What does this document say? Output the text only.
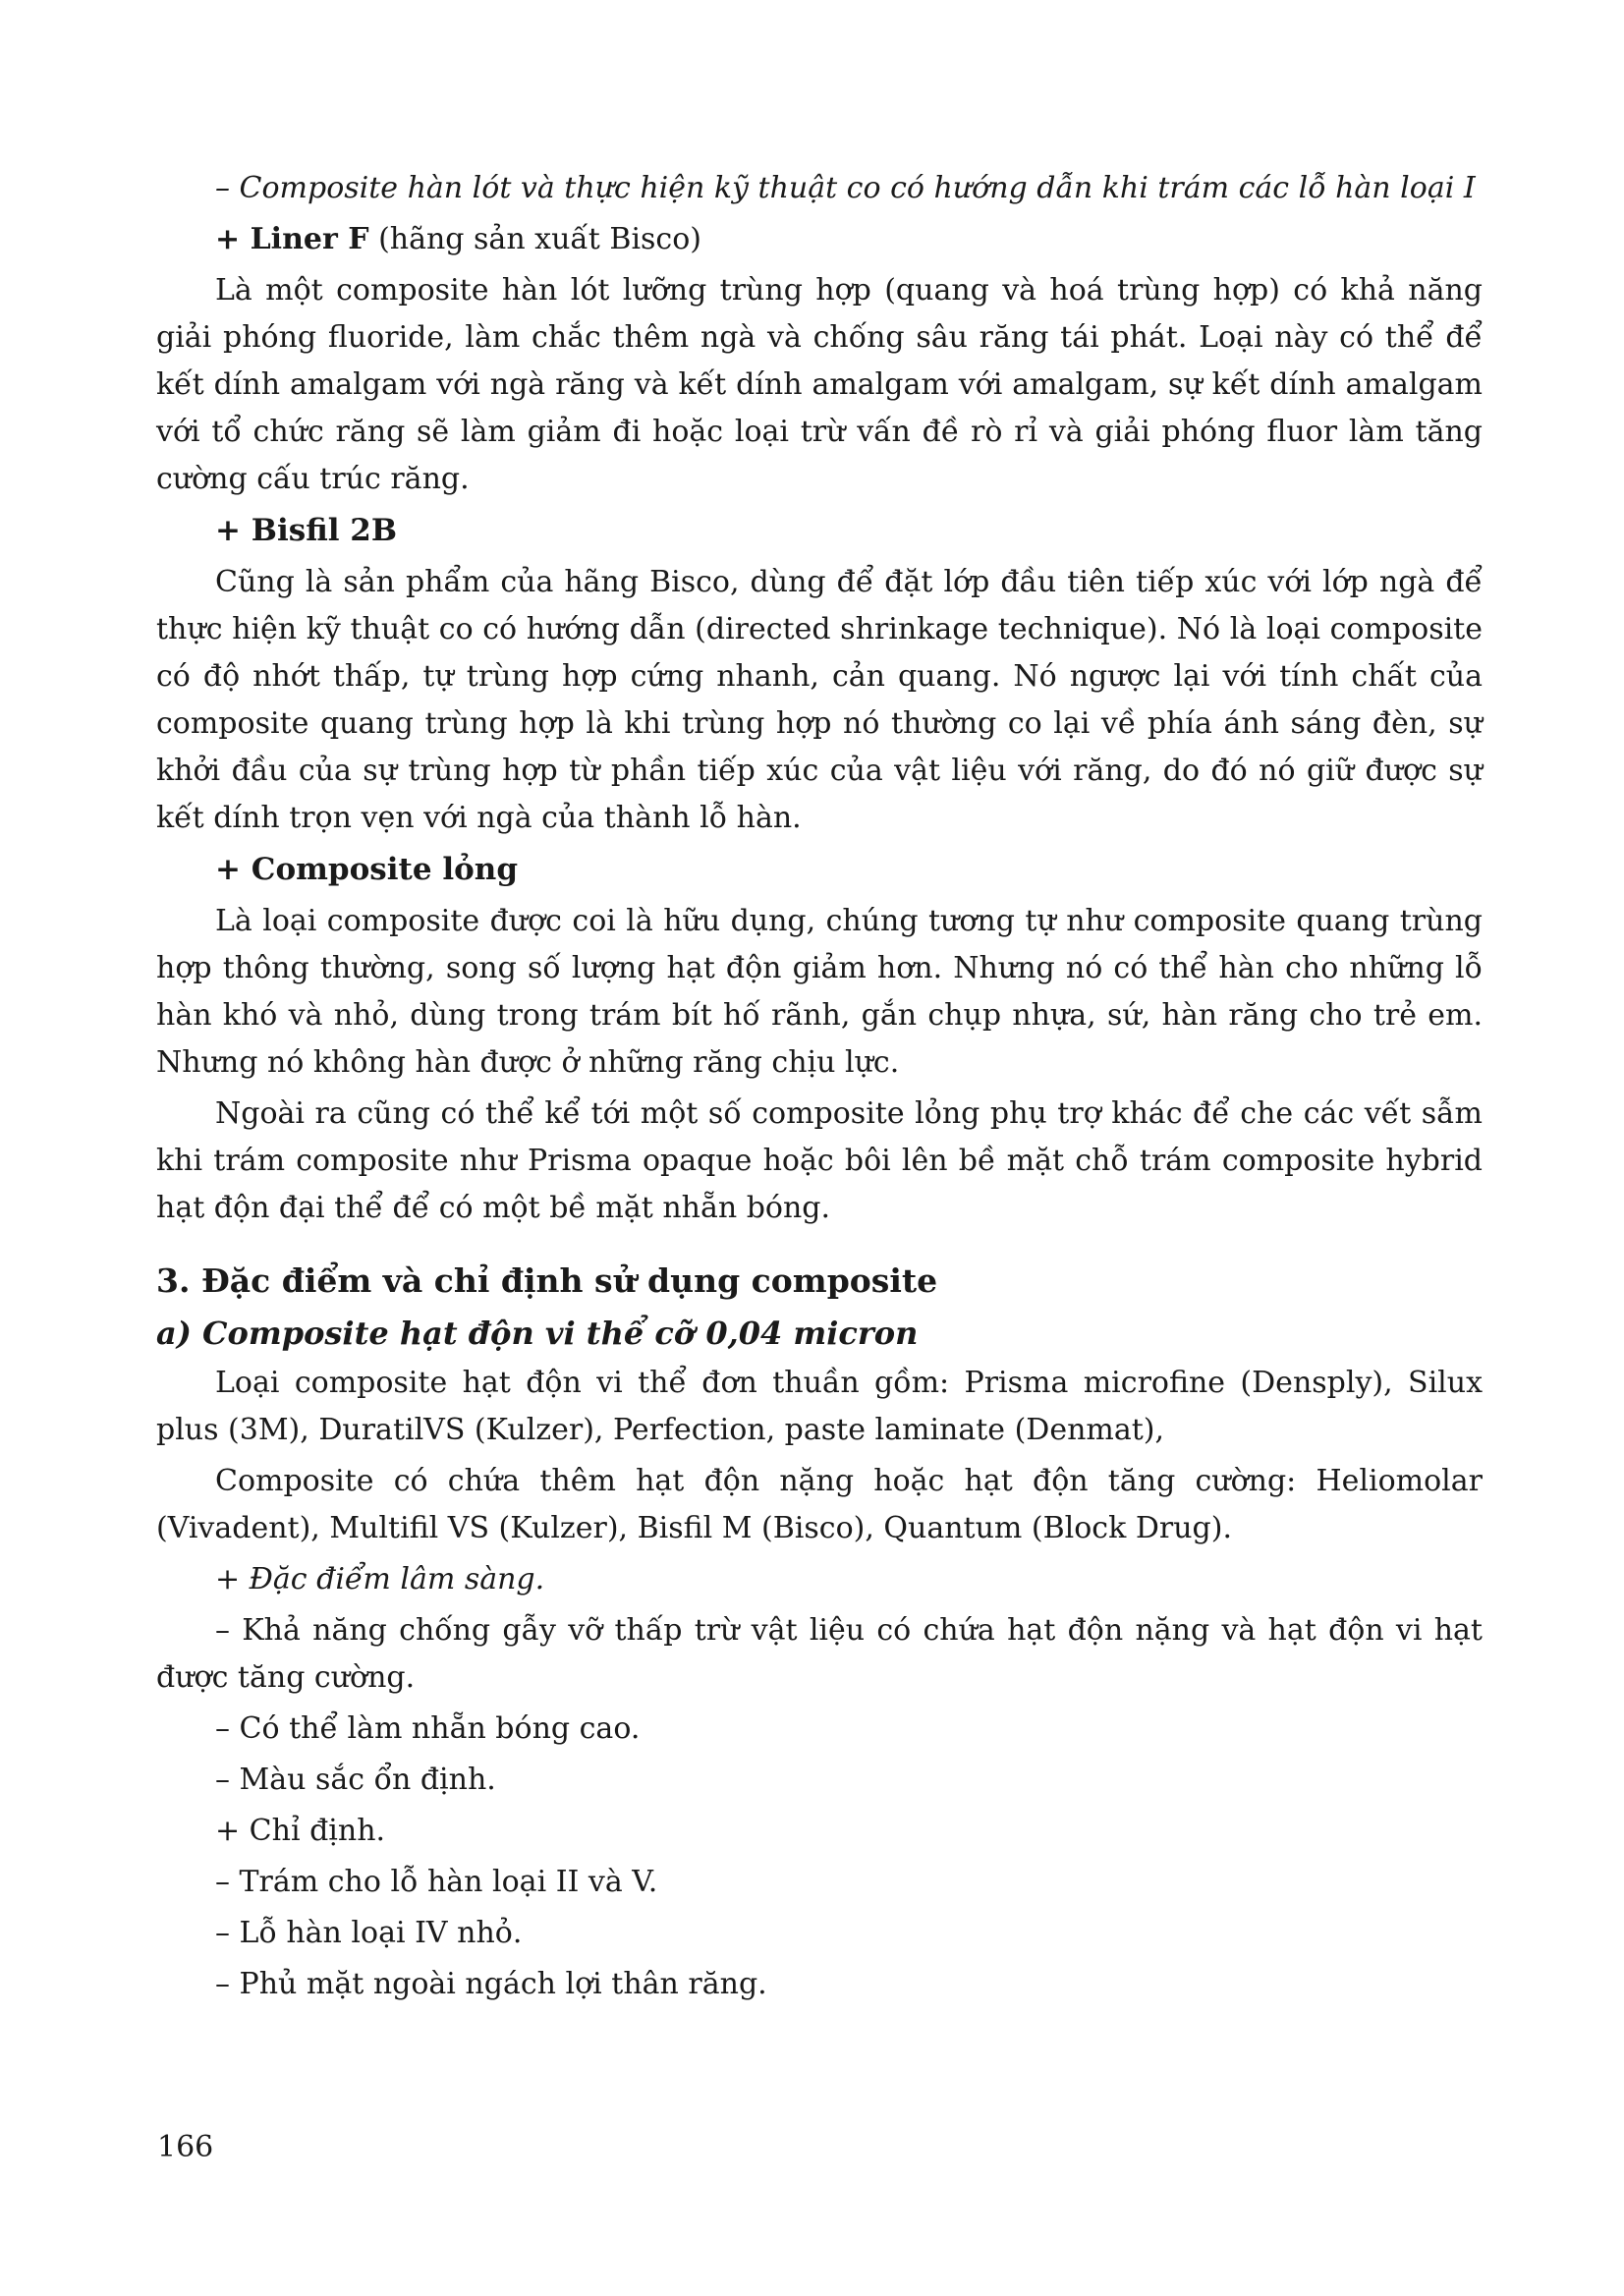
– Composite hàn lót và thực hiện kỹ thuật co có hướng dẫn khi trám các lỗ hàn loại I

+ Liner F (hãng sản xuất Bisco)

Là một composite hàn lót lưỡng trùng hợp (quang và hoá trùng hợp) có khả năng giải phóng fluoride, làm chắc thêm ngà và chống sâu răng tái phát. Loại này có thể để kết dính amalgam với ngà răng và kết dính amalgam với amalgam, sự kết dính amalgam với tổ chức răng sẽ làm giảm đi hoặc loại trừ vấn đề rò rỉ và giải phóng fluor làm tăng cường cấu trúc răng.

+ Bisfil 2B

Cũng là sản phẩm của hãng Bisco, dùng để đặt lớp đầu tiên tiếp xúc với lớp ngà để thực hiện kỹ thuật co có hướng dẫn (directed shrinkage technique). Nó là loại composite có độ nhớt thấp, tự trùng hợp cứng nhanh, cản quang. Nó ngược lại với tính chất của composite quang trùng hợp là khi trùng hợp nó thường co lại về phía ánh sáng đèn, sự khởi đầu của sự trùng hợp từ phần tiếp xúc của vật liệu với răng, do đó nó giữ được sự kết dính trọn vẹn với ngà của thành lỗ hàn.

+ Composite lỏng

Là loại composite được coi là hữu dụng, chúng tương tự như composite quang trùng hợp thông thường, song số lượng hạt độn giảm hơn. Nhưng nó có thể hàn cho những lỗ hàn khó và nhỏ, dùng trong trám bít hố rãnh, gắn chụp nhựa, sứ, hàn răng cho trẻ em. Nhưng nó không hàn được ở những răng chịu lực.

Ngoài ra cũng có thể kể tới một số composite lỏng phụ trợ khác để che các vết sẫm khi trám composite như Prisma opaque hoặc bôi lên bề mặt chỗ trám composite hybrid hạt độn đại thể để có một bề mặt nhẵn bóng.

3. Đặc điểm và chỉ định sử dụng composite

a) Composite hạt độn vi thể cỡ 0,04 micron

Loại composite hạt độn vi thể đơn thuần gồm: Prisma microfine (Densply), Silux plus (3M), DuratilVS (Kulzer), Perfection, paste laminate (Denmat),

Composite có chứa thêm hạt độn nặng hoặc hạt độn tăng cường: Heliomolar (Vivadent), Multifil VS (Kulzer), Bisfil M (Bisco), Quantum (Block Drug).

+ Đặc điểm lâm sàng.

– Khả năng chống gẫy vỡ thấp trừ vật liệu có chứa hạt độn nặng và hạt độn vi hạt được tăng cường.

– Có thể làm nhẵn bóng cao.

– Màu sắc ổn định.

+ Chỉ định.

– Trám cho lỗ hàn loại II và V.

– Lỗ hàn loại IV nhỏ.

– Phủ mặt ngoài ngách lợi thân răng.

166
